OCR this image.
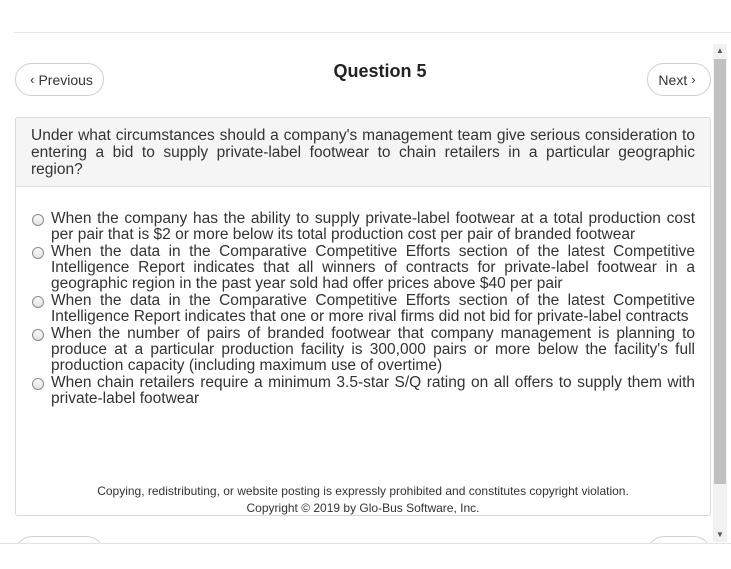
‹ Previous	Question 5	Next ›
Under what circumstances should a company's management team give serious consideration to entering a bid to supply private-label footwear to chain retailers in a particular geographic region?
When the company has the ability to supply private-label footwear at a total production cost per pair that is $2 or more below its total production cost per pair of branded footwear
When the data in the Comparative Competitive Efforts section of the latest Competitive Intelligence Report indicates that all winners of contracts for private-label footwear in a geographic region in the past year sold had offer prices above $40 per pair
When the data in the Comparative Competitive Efforts section of the latest Competitive Intelligence Report indicates that one or more rival firms did not bid for private-label contracts
When the number of pairs of branded footwear that company management is planning to produce at a particular production facility is 300,000 pairs or more below the facility's full production capacity (including maximum use of overtime)
When chain retailers require a minimum 3.5-star S/Q rating on all offers to supply them with private-label footwear
Copying, redistributing, or website posting is expressly prohibited and constitutes copyright violation.
Copyright © 2019 by Glo-Bus Software, Inc.
▲
▼
